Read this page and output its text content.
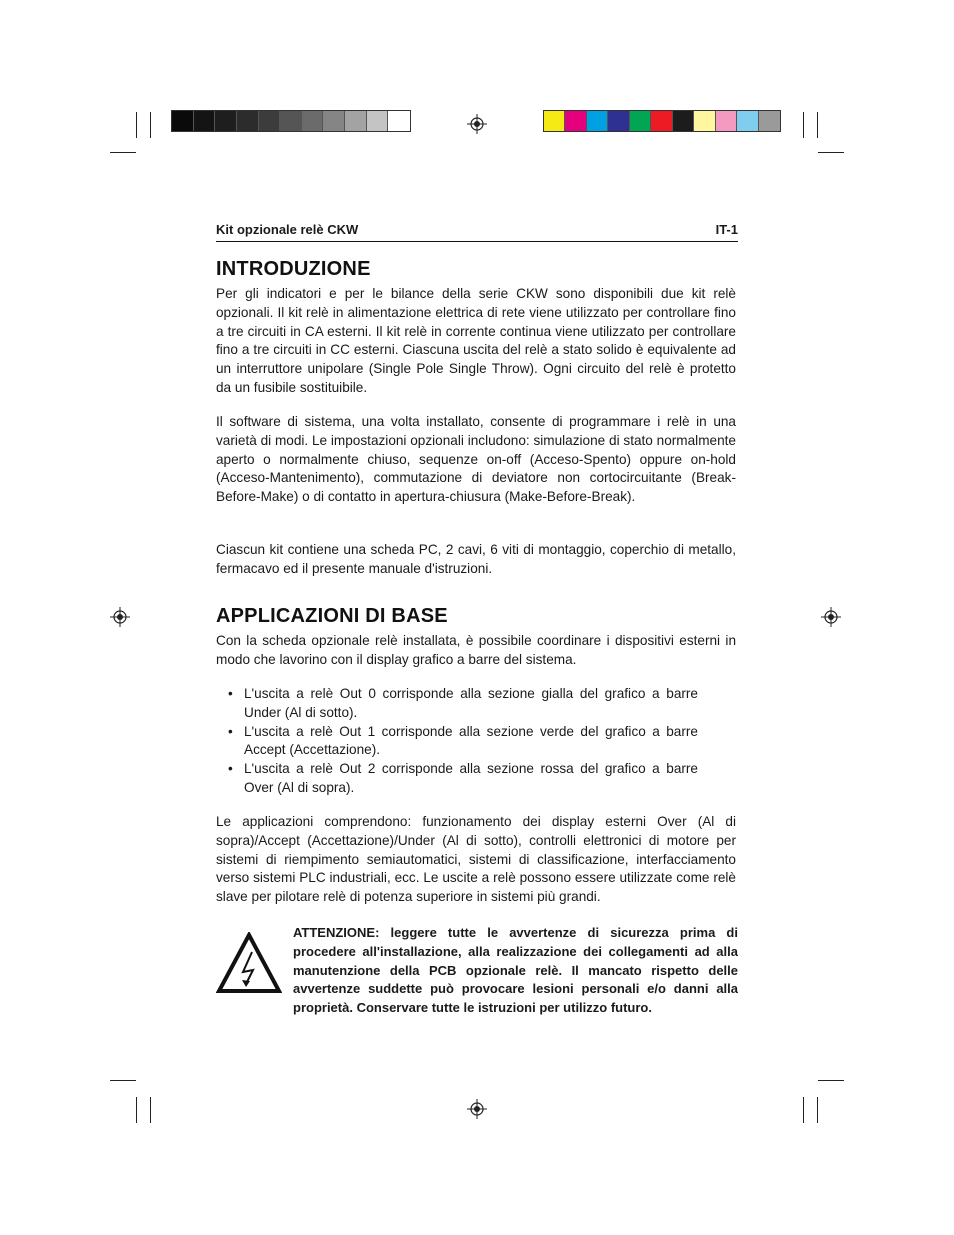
Kit opzionale relè CKW	IT-1
INTRODUZIONE

Per gli indicatori e per le bilance della serie CKW sono disponibili due kit relè opzionali. Il kit relè in alimentazione elettrica di rete viene utilizzato per controllare fino a tre circuiti in CA esterni. Il kit relè in corrente continua viene utilizzato per controllare fino a tre circuiti in CC esterni. Ciascuna uscita del relè a stato solido è equivalente ad un interruttore unipolare (Single Pole Single Throw). Ogni circuito del relè è protetto da un fusibile sostituibile.

Il software di sistema, una volta installato, consente di programmare i relè in una varietà di modi. Le impostazioni opzionali includono: simulazione di stato normalmente aperto o normalmente chiuso, sequenze on-off (Acceso-Spento) oppure on-hold (Acceso-Mantenimento), commutazione di deviatore non cortocircuitante (Break-Before-Make) o di contatto in apertura-chiusura (Make-Before-Break).

Ciascun kit contiene una scheda PC, 2 cavi, 6 viti di montaggio, coperchio di metallo, fermacavo ed il presente manuale d'istruzioni.

APPLICAZIONI DI BASE

Con la scheda opzionale relè installata, è possibile coordinare i dispositivi esterni in modo che lavorino con il display grafico a barre del sistema.

• L'uscita a relè Out 0 corrisponde alla sezione gialla del grafico a barre Under (Al di sotto).
• L'uscita a relè Out 1 corrisponde alla sezione verde del grafico a barre Accept (Accettazione).
• L'uscita a relè Out 2 corrisponde alla sezione rossa del grafico a barre Over (Al di sopra).

Le applicazioni comprendono: funzionamento dei display esterni Over (Al di sopra)/Accept (Accettazione)/Under (Al di sotto), controlli elettronici di motore per sistemi di riempimento semiautomatici, sistemi di classificazione, interfacciamento verso sistemi PLC industriali, ecc. Le uscite a relè possono essere utilizzate come relè slave per pilotare relè di potenza superiore in sistemi più grandi.

ATTENZIONE: leggere tutte le avvertenze di sicurezza prima di procedere all'installazione, alla realizzazione dei collegamenti ad alla manutenzione della PCB opzionale relè. Il mancato rispetto delle avvertenze suddette può provocare lesioni personali e/o danni alla proprietà. Conservare tutte le istruzioni per utilizzo futuro.
